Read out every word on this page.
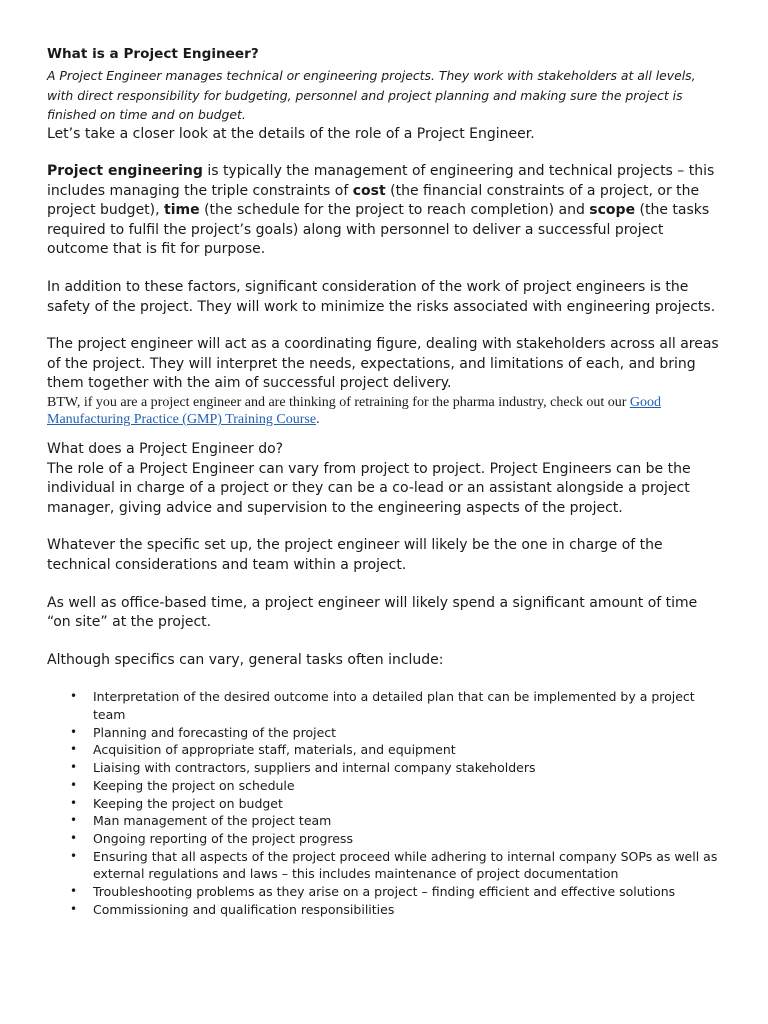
What is a Project Engineer?

A Project Engineer manages technical or engineering projects. They work with stakeholders at all levels, with direct responsibility for budgeting, personnel and project planning and making sure the project is finished on time and on budget.

Let’s take a closer look at the details of the role of a Project Engineer.

Project engineering is typically the management of engineering and technical projects – this includes managing the triple constraints of cost (the financial constraints of a project, or the project budget), time (the schedule for the project to reach completion) and scope (the tasks required to fulfil the project’s goals) along with personnel to deliver a successful project outcome that is fit for purpose.

In addition to these factors, significant consideration of the work of project engineers is the safety of the project. They will work to minimize the risks associated with engineering projects.

The project engineer will act as a coordinating figure, dealing with stakeholders across all areas of the project. They will interpret the needs, expectations, and limitations of each, and bring them together with the aim of successful project delivery.

BTW, if you are a project engineer and are thinking of retraining for the pharma industry, check out our Good Manufacturing Practice (GMP) Training Course.

What does a Project Engineer do?

The role of a Project Engineer can vary from project to project. Project Engineers can be the individual in charge of a project or they can be a co-lead or an assistant alongside a project manager, giving advice and supervision to the engineering aspects of the project.

Whatever the specific set up, the project engineer will likely be the one in charge of the technical considerations and team within a project.

As well as office-based time, a project engineer will likely spend a significant amount of time “on site” at the project.

Although specifics can vary, general tasks often include:

• Interpretation of the desired outcome into a detailed plan that can be implemented by a project team
• Planning and forecasting of the project
• Acquisition of appropriate staff, materials, and equipment
• Liaising with contractors, suppliers and internal company stakeholders
• Keeping the project on schedule
• Keeping the project on budget
• Man management of the project team
• Ongoing reporting of the project progress
• Ensuring that all aspects of the project proceed while adhering to internal company SOPs as well as external regulations and laws – this includes maintenance of project documentation
• Troubleshooting problems as they arise on a project – finding efficient and effective solutions
• Commissioning and qualification responsibilities
